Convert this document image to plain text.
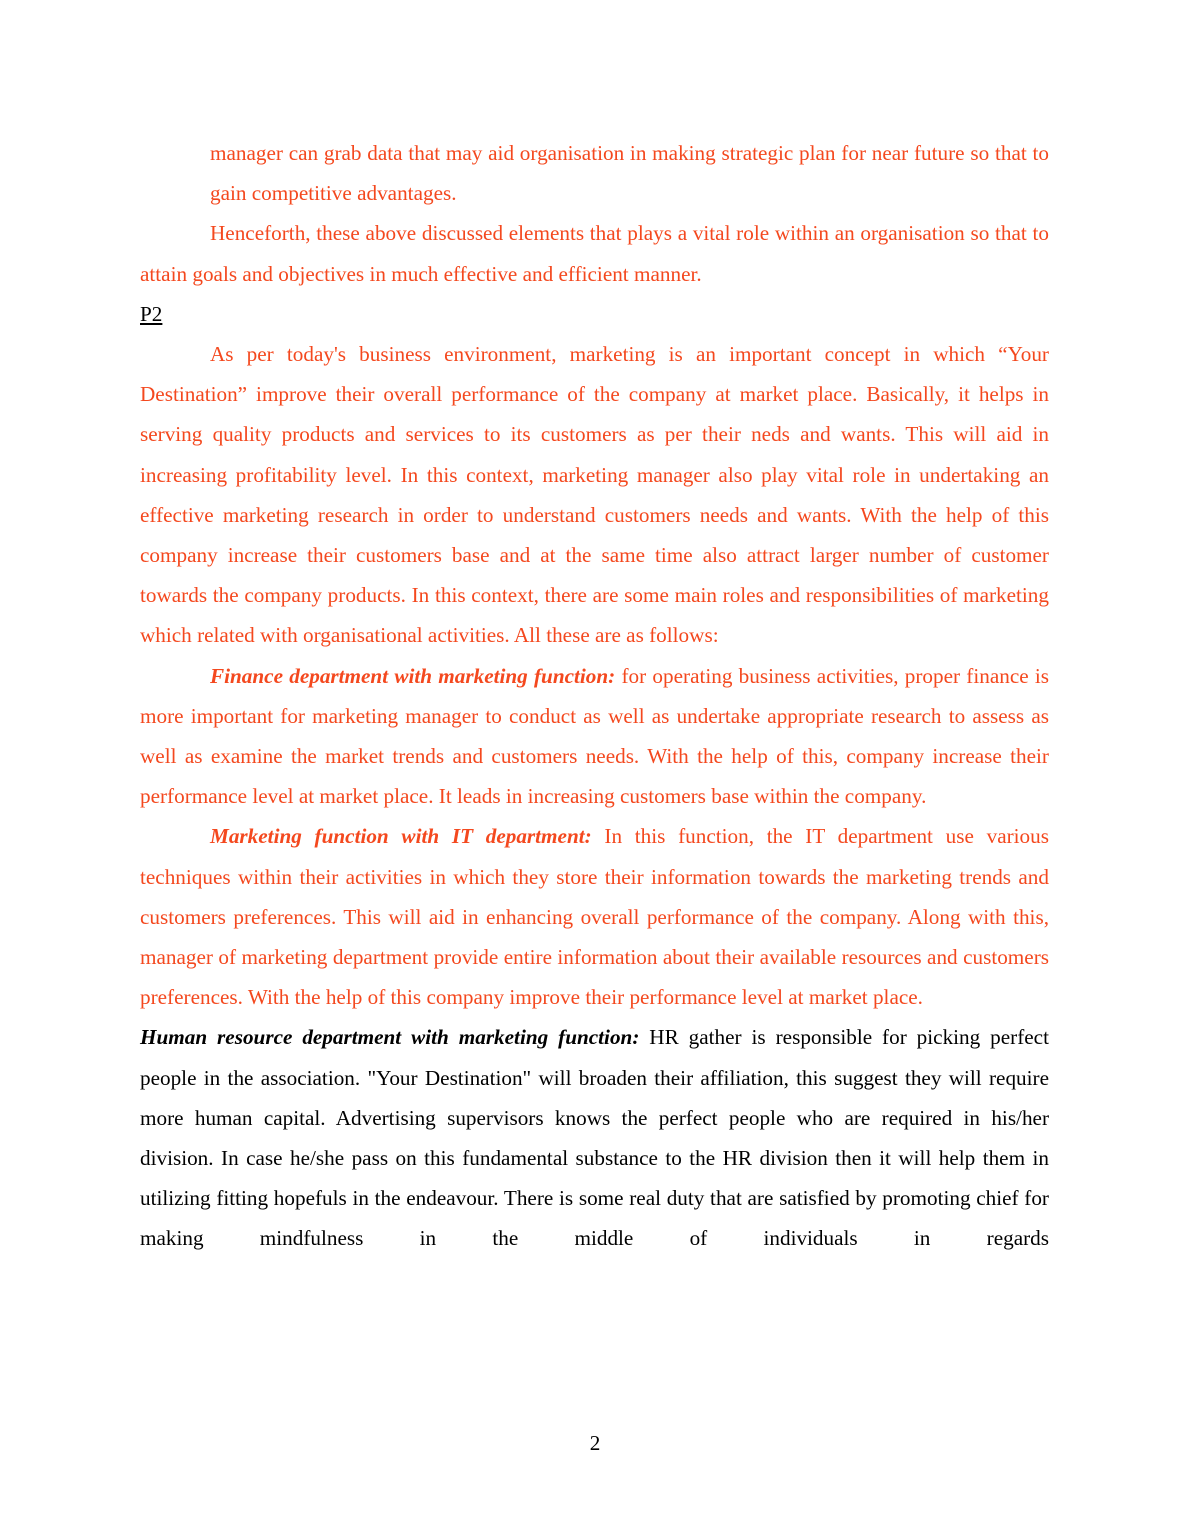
manager can grab data that may aid organisation in making strategic plan for near future so that to gain competitive advantages.

Henceforth, these above discussed elements that plays a vital role within an organisation so that to attain goals and objectives in much effective and efficient manner.

P2

As per today's business environment, marketing is an important concept in which “Your Destination” improve their overall performance of the company at market place. Basically, it helps in serving quality products and services to its customers as per their neds and wants. This will aid in increasing profitability level. In this context, marketing manager also play vital role in undertaking an effective marketing research in order to understand customers needs and wants. With the help of this company increase their customers base and at the same time also attract larger number of customer towards the company products. In this context, there are some main roles and responsibilities of marketing which related with organisational activities. All these are as follows:

Finance department with marketing function: for operating business activities, proper finance is more important for marketing manager to conduct as well as undertake appropriate research to assess as well as examine the market trends and customers needs. With the help of this, company increase their performance level at market place. It leads in increasing customers base within the company.

Marketing function with IT department: In this function, the IT department use various techniques within their activities in which they store their information towards the marketing trends and customers preferences. This will aid in enhancing overall performance of the company. Along with this, manager of marketing department provide entire information about their available resources and customers preferences. With the help of this company improve their performance level at market place.

Human resource department with marketing function: HR gather is responsible for picking perfect people in the association. "Your Destination" will broaden their affiliation, this suggest they will require more human capital. Advertising supervisors knows the perfect people who are required in his/her division. In case he/she pass on this fundamental substance to the HR division then it will help them in utilizing fitting hopefuls in the endeavour. There is some real duty that are satisfied by promoting chief for making mindfulness in the middle of individuals in regards

2
